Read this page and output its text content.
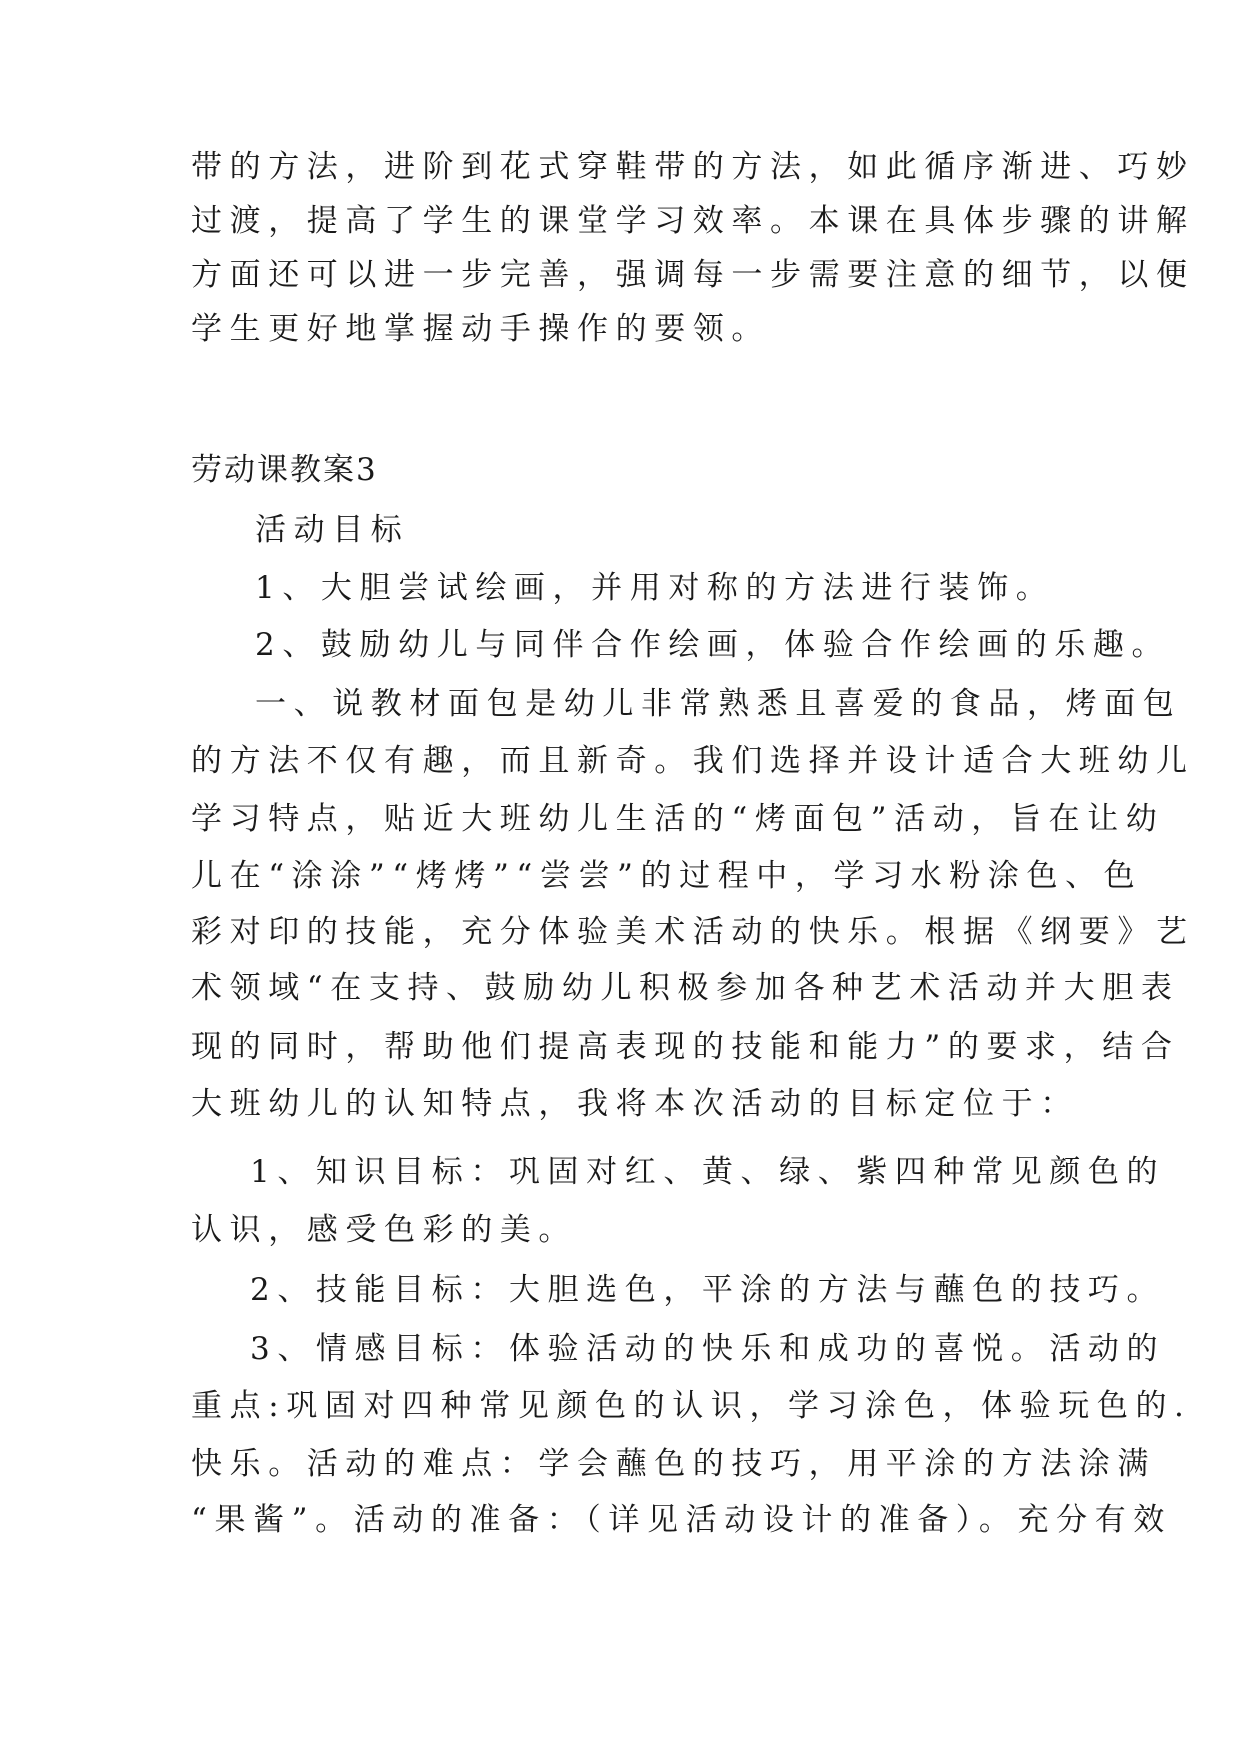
带的方法，进阶到花式穿鞋带的方法，如此循序渐进、巧妙

过渡，提高了学生的课堂学习效率。本课在具体步骤的讲解

方面还可以进一步完善，强调每一步需要注意的细节，以便

学生更好地掌握动手操作的要领。

劳动课教案3

活动目标

1、大胆尝试绘画，并用对称的方法进行装饰。

2、鼓励幼儿与同伴合作绘画，体验合作绘画的乐趣。

一、说教材面包是幼儿非常熟悉且喜爱的食品，烤面包

的方法不仅有趣，而且新奇。我们选择并设计适合大班幼儿

学习特点，贴近大班幼儿生活的“烤面包”活动，旨在让幼

儿在“涂涂”“烤烤”“尝尝”的过程中，学习水粉涂色、色

彩对印的技能，充分体验美术活动的快乐。根据《纲要》艺

术领域“在支持、鼓励幼儿积极参加各种艺术活动并大胆表

现的同时，帮助他们提高表现的技能和能力”的要求，结合

大班幼儿的认知特点，我将本次活动的目标定位于：

1、知识目标：巩固对红、黄、绿、紫四种常见颜色的

认识，感受色彩的美。

2、技能目标：大胆选色，平涂的方法与蘸色的技巧。

3、情感目标：体验活动的快乐和成功的喜悦。活动的

重点:巩固对四种常见颜色的认识，学习涂色，体验玩色的.

快乐。活动的难点：学会蘸色的技巧，用平涂的方法涂满

“果酱”。活动的准备：（详见活动设计的准备）。充分有效
